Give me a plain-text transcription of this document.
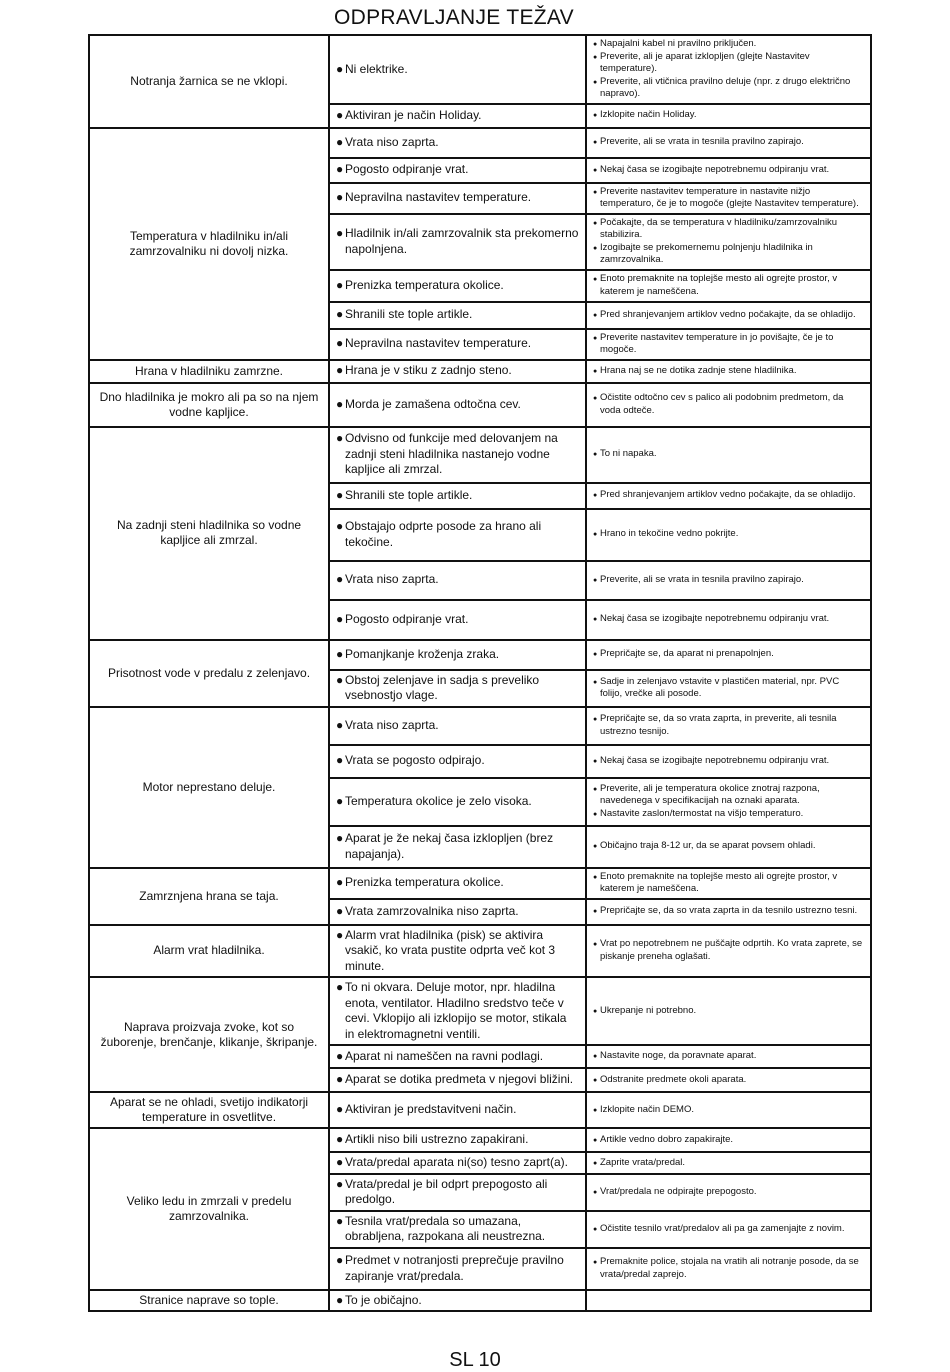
ODPRAVLJANJE TEŽAV
Notranja žarnica se ne vklopi.	● Ni elektrike.	● Napajalni kabel ni pravilno priključen.
● Preverite, ali je aparat izklopljen (glejte Nastavitev temperature).
● Preverite, ali vtičnica pravilno deluje (npr. z drugo električno napravo).

	● Aktiviran je način Holiday.	● Izklopite način Holiday.

Temperatura v hladilniku in/ali zamrzovalniku ni dovolj nizka.	● Vrata niso zaprta.	● Preverite, ali se vrata in tesnila pravilno zapirajo.

	● Pogosto odpiranje vrat.	● Nekaj časa se izogibajte nepotrebnemu odpiranju vrat.

	● Nepravilna nastavitev temperature.	● Preverite nastavitev temperature in nastavite nižjo temperaturo, če je to mogoče (glejte Nastavitev temperature).

	● Hladilnik in/ali zamrzovalnik sta prekomerno napolnjena.	● Počakajte, da se temperatura v hladilniku/zamrzovalniku stabilizira.
● Izogibajte se prekomernemu polnjenju hladilnika in zamrzovalnika.

	● Prenizka temperatura okolice.	● Enoto premaknite na toplejše mesto ali ogrejte prostor, v katerem je nameščena.

	● Shranili ste tople artikle.	● Pred shranjevanjem artiklov vedno počakajte, da se ohladijo.

	● Nepravilna nastavitev temperature.	● Preverite nastavitev temperature in jo povišajte, če je to mogoče.

Hrana v hladilniku zamrzne.	● Hrana je v stiku z zadnjo steno.	● Hrana naj se ne dotika zadnje stene hladilnika.

Dno hladilnika je mokro ali pa so na njem vodne kapljice.	● Morda je zamašena odtočna cev.	● Očistite odtočno cev s palico ali podobnim predmetom, da voda odteče.

Na zadnji steni hladilnika so vodne kapljice ali zmrzal.	● Odvisno od funkcije med delovanjem na zadnji steni hladilnika nastanejo vodne kapljice ali zmrzal.	● To ni napaka.

	● Shranili ste tople artikle.	● Pred shranjevanjem artiklov vedno počakajte, da se ohladijo.

	● Obstajajo odprte posode za hrano ali tekočine.	● Hrano in tekočine vedno pokrijte.

	● Vrata niso zaprta.	● Preverite, ali se vrata in tesnila pravilno zapirajo.

	● Pogosto odpiranje vrat.	● Nekaj časa se izogibajte nepotrebnemu odpiranju vrat.

Prisotnost vode v predalu z zelenjavo.	● Pomanjkanje kroženja zraka.	● Prepričajte se, da aparat ni prenapolnjen.

	● Obstoj zelenjave in sadja s preveliko vsebnostjo vlage.	● Sadje in zelenjavo vstavite v plastičen material, npr. PVC folijo, vrečke ali posode.

Motor neprestano deluje.	● Vrata niso zaprta.	● Prepričajte se, da so vrata zaprta, in preverite, ali tesnila ustrezno tesnijo.

	● Vrata se pogosto odpirajo.	● Nekaj časa se izogibajte nepotrebnemu odpiranju vrat.

	● Temperatura okolice je zelo visoka.	● Preverite, ali je temperatura okolice znotraj razpona, navedenega v specifikacijah na oznaki aparata.
● Nastavite zaslon/termostat na višjo temperaturo.

	● Aparat je že nekaj časa izklopljen (brez napajanja).	● Običajno traja 8-12 ur, da se aparat povsem ohladi.

Zamrznjena hrana se taja.	● Prenizka temperatura okolice.	● Enoto premaknite na toplejše mesto ali ogrejte prostor, v katerem je nameščena.

	● Vrata zamrzovalnika niso zaprta.	● Prepričajte se, da so vrata zaprta in da tesnilo ustrezno tesni.

Alarm vrat hladilnika.	● Alarm vrat hladilnika (pisk) se aktivira vsakič, ko vrata pustite odprta več kot 3 minute.	● Vrat po nepotrebnem ne puščajte odprtih. Ko vrata zaprete, se piskanje preneha oglašati.

Naprava proizvaja zvoke, kot so žuborenje, brenčanje, klikanje, škripanje.	● To ni okvara. Deluje motor, npr. hladilna enota, ventilator. Hladilno sredstvo teče v cevi. Vklopijo ali izklopijo se motor, stikala in elektromagnetni ventili.	● Ukrepanje ni potrebno.

	● Aparat ni nameščen na ravni podlagi.	● Nastavite noge, da poravnate aparat.

	● Aparat se dotika predmeta v njegovi bližini.	● Odstranite predmete okoli aparata.

Aparat se ne ohladi, svetijo indikatorji temperature in osvetlitve.	● Aktiviran je predstavitveni način.	● Izklopite način DEMO.

Veliko ledu in zmrzali v predelu zamrzovalnika.	● Artikli niso bili ustrezno zapakirani.	● Artikle vedno dobro zapakirajte.

	● Vrata/predal aparata ni(so) tesno zaprt(a).	● Zaprite vrata/predal.

	● Vrata/predal je bil odprt prepogosto ali predolgo.	● Vrat/predala ne odpirajte prepogosto.

	● Tesnila vrat/predala so umazana, obrabljena, razpokana ali neustrezna.	● Očistite tesnilo vrat/predalov ali pa ga zamenjajte z novim.

	● Predmet v notranjosti preprečuje pravilno zapiranje vrat/predala.	● Premaknite police, stojala na vratih ali notranje posode, da se vrata/predal zaprejo.

Stranice naprave so tople.	● To je običajno.

SL 10
